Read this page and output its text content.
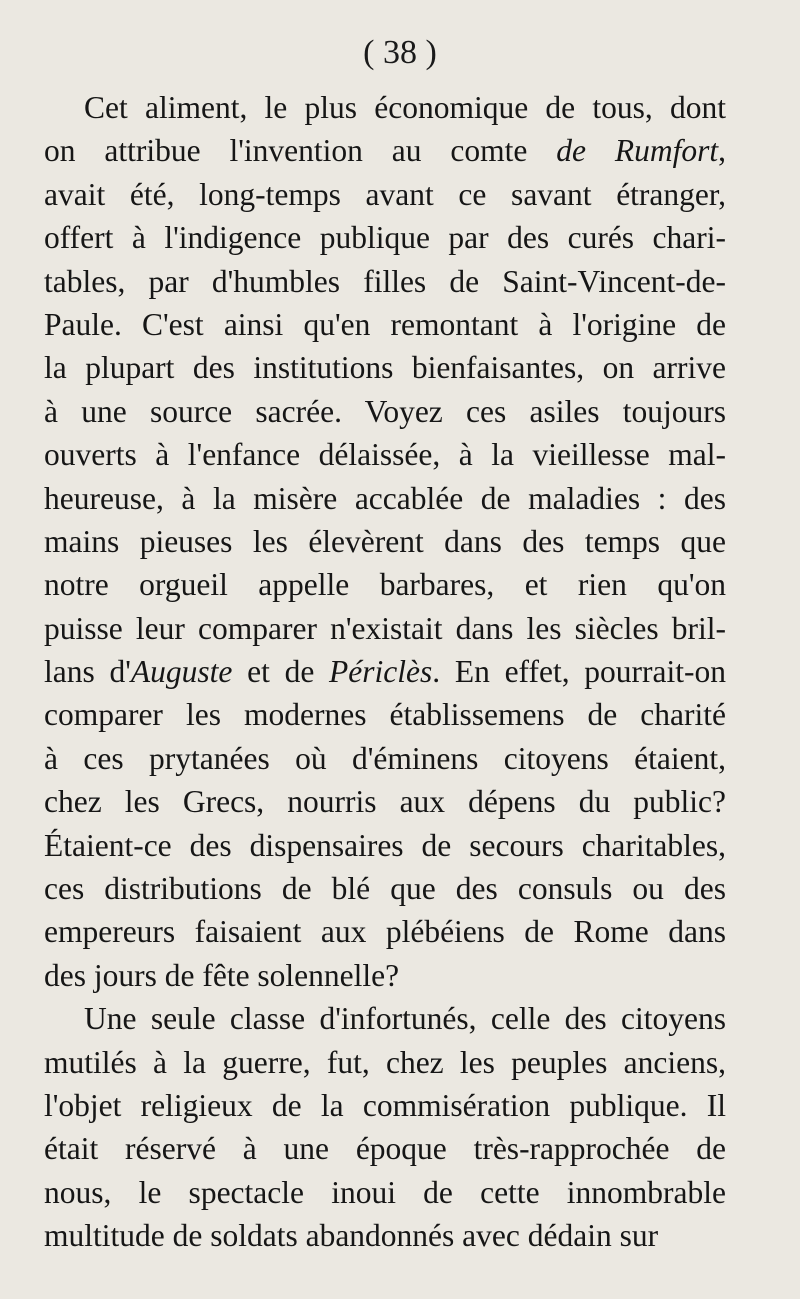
( 38 )
Cet aliment, le plus économique de tous, dont
on attribue l'invention au comte de Rumfort,
avait été, long-temps avant ce savant étranger,
offert à l'indigence publique par des curés chari-
tables, par d'humbles filles de Saint-Vincent-de-
Paule. C'est ainsi qu'en remontant à l'origine de
la plupart des institutions bienfaisantes, on arrive
à une source sacrée. Voyez ces asiles toujours
ouverts à l'enfance délaissée, à la vieillesse mal-
heureuse, à la misère accablée de maladies : des
mains pieuses les élevèrent dans des temps que
notre orgueil appelle barbares, et rien qu'on
puisse leur comparer n'existait dans les siècles bril-
lans d'Auguste et de Périclès. En effet, pourrait-on
comparer les modernes établissemens de charité
à ces prytanées où d'éminens citoyens étaient,
chez les Grecs, nourris aux dépens du public?
Étaient-ce des dispensaires de secours charitables,
ces distributions de blé que des consuls ou des
empereurs faisaient aux plébéiens de Rome dans
des jours de fête solennelle?
Une seule classe d'infortunés, celle des citoyens
mutilés à la guerre, fut, chez les peuples anciens,
l'objet religieux de la commisération publique. Il
était réservé à une époque très-rapprochée de
nous, le spectacle inoui de cette innombrable
multitude de soldats abandonnés avec dédain sur
